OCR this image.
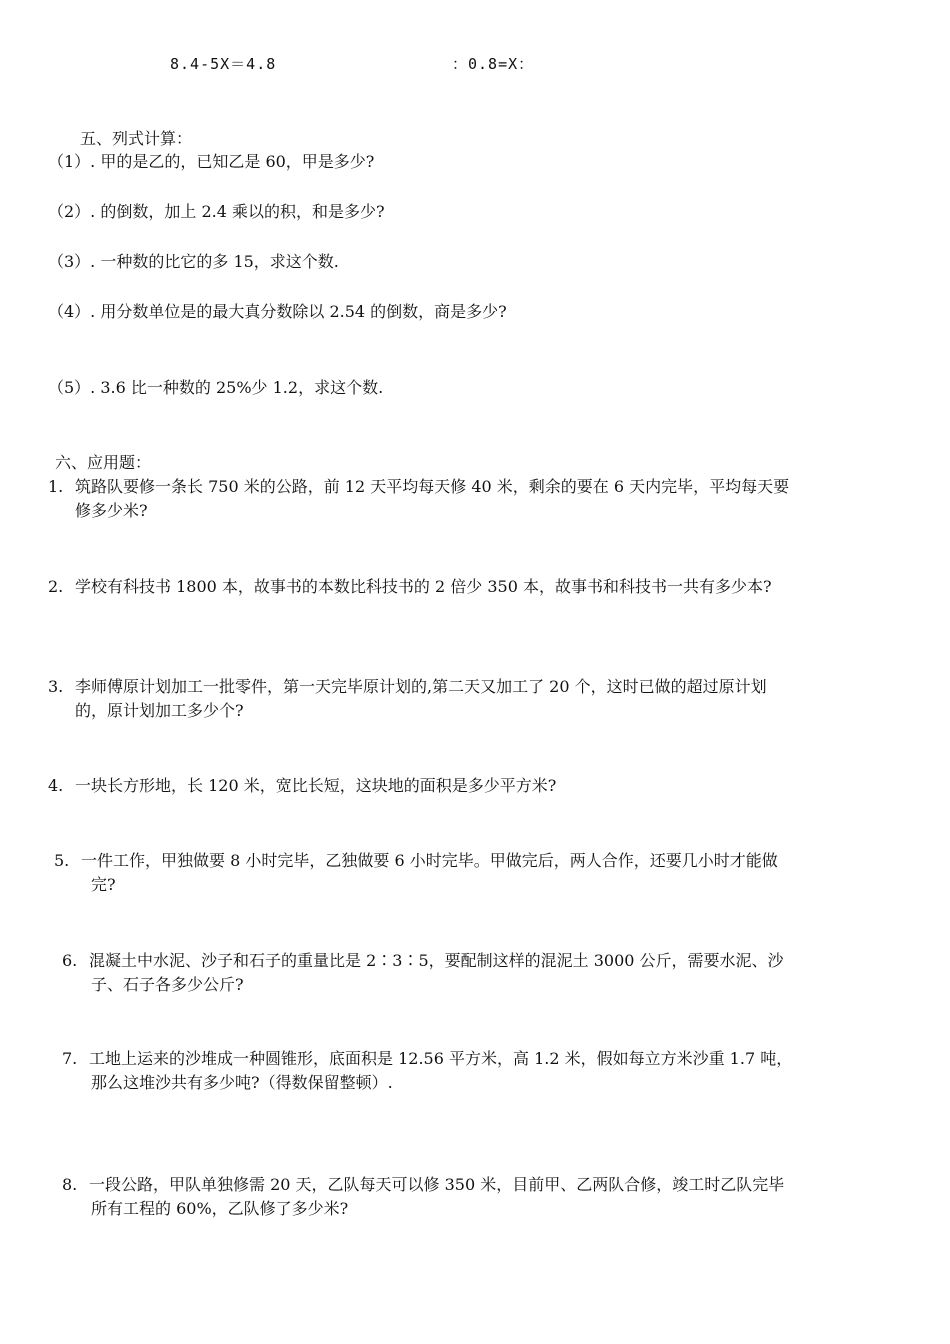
8.4-5X＝4.8	：0.8=X：
五、列式计算：
（1）. 甲的是乙的，已知乙是 60，甲是多少?
（2）. 的倒数，加上 2.4 乘以的积，和是多少?
（3）. 一种数的比它的多 15，求这个数.
（4）. 用分数单位是的最大真分数除以 2.54 的倒数，商是多少?
（5）. 3.6 比一种数的 25%少 1.2，求这个数.
六、应用题：
1. 筑路队要修一条长 750 米的公路，前 12 天平均每天修 40 米，剩余的要在 6 天内完毕，平均每天要
修多少米?
2. 学校有科技书 1800 本，故事书的本数比科技书的 2 倍少 350 本，故事书和科技书一共有多少本?
3. 李师傅原计划加工一批零件，第一天完毕原计划的,第二天又加工了 20 个，这时已做的超过原计划
的，原计划加工多少个?
4. 一块长方形地，长 120 米，宽比长短，这块地的面积是多少平方米?
5. 一件工作，甲独做要 8 小时完毕，乙独做要 6 小时完毕。甲做完后，两人合作，还要几小时才能做
完?
6. 混凝土中水泥、沙子和石子的重量比是 2∶3∶5，要配制这样的混泥土 3000 公斤，需要水泥、沙
子、石子各多少公斤?
7. 工地上运来的沙堆成一种圆锥形，底面积是 12.56 平方米，高 1.2 米，假如每立方米沙重 1.7 吨，
那么这堆沙共有多少吨?（得数保留整顿）.
8. 一段公路，甲队单独修需 20 天，乙队每天可以修 350 米，目前甲、乙两队合修，竣工时乙队完毕
所有工程的 60%，乙队修了多少米?
